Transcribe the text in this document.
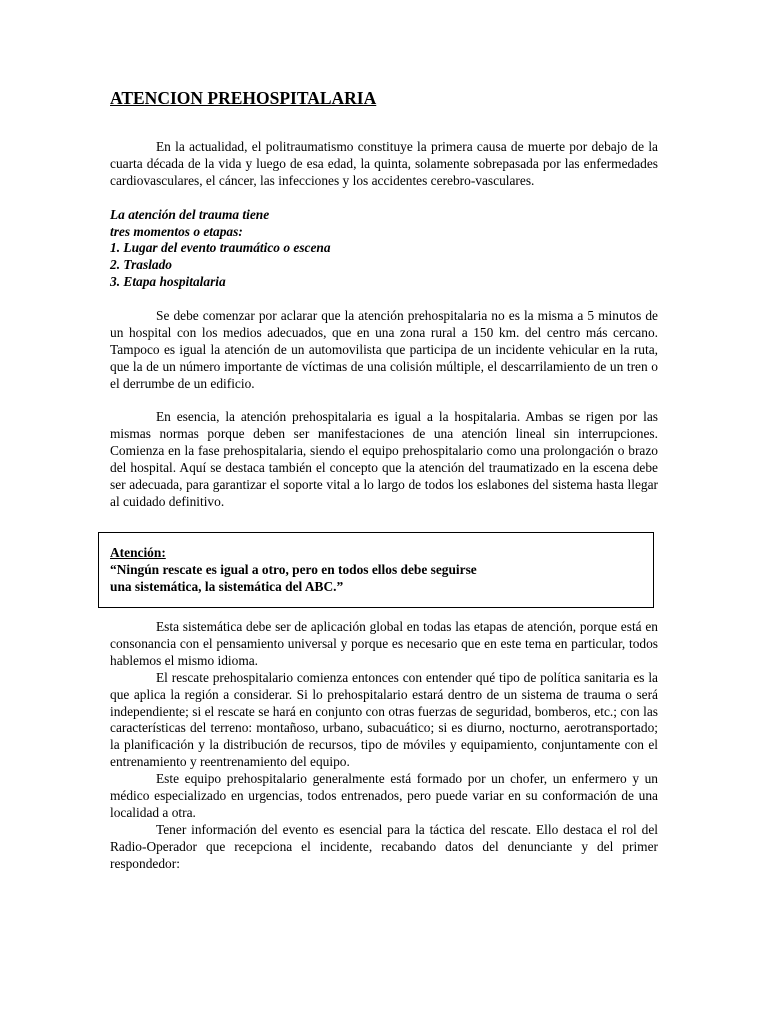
ATENCION PREHOSPITALARIA

En la actualidad, el politraumatismo constituye la primera causa de muerte por debajo de la cuarta década de la vida y luego de esa edad, la quinta, solamente sobrepasada por las enfermedades cardiovasculares, el cáncer, las infecciones y los accidentes cerebro-vasculares.

La atención del trauma tiene
tres momentos o etapas:
1. Lugar del evento traumático o escena
2. Traslado
3. Etapa hospitalaria

Se debe comenzar por aclarar que la atención prehospitalaria no es la misma a 5 minutos de un hospital con los medios adecuados, que en una zona rural a 150 km. del centro más cercano. Tampoco es igual la atención de un automovilista que participa de un incidente vehicular en la ruta, que la de un número importante de víctimas de una colisión múltiple, el descarrilamiento de un tren o el derrumbe de un edificio.

En esencia, la atención prehospitalaria es igual a la hospitalaria. Ambas se rigen por las mismas normas porque deben ser manifestaciones de una atención lineal sin interrupciones. Comienza en la fase prehospitalaria, siendo el equipo prehospitalario como una prolongación o brazo del hospital. Aquí se destaca también el concepto que la atención del traumatizado en la escena debe ser adecuada, para garantizar el soporte vital a lo largo de todos los eslabones del sistema hasta llegar al cuidado definitivo.

Atención:
“Ningún rescate es igual a otro, pero en todos ellos debe seguirse
una sistemática, la sistemática del ABC.”

Esta sistemática debe ser de aplicación global en todas las etapas de atención, porque está en consonancia con el pensamiento universal y porque es necesario que en este tema en particular, todos hablemos el mismo idioma.

El rescate prehospitalario comienza entonces con entender qué tipo de política sanitaria es la que aplica la región a considerar. Si lo prehospitalario estará dentro de un sistema de trauma o será independiente; si el rescate se hará en conjunto con otras fuerzas de seguridad, bomberos, etc.; con las características del terreno: montañoso, urbano, subacuático; si es diurno, nocturno, aerotransportado; la planificación y la distribución de recursos, tipo de móviles y equipamiento, conjuntamente con el entrenamiento y reentrenamiento del equipo.

Este equipo prehospitalario generalmente está formado por un chofer, un enfermero y un médico especializado en urgencias, todos entrenados, pero puede variar en su conformación de una localidad a otra.

Tener información del evento es esencial para la táctica del rescate. Ello destaca el rol del Radio-Operador que recepciona el incidente, recabando datos del denunciante y del primer respondedor:
